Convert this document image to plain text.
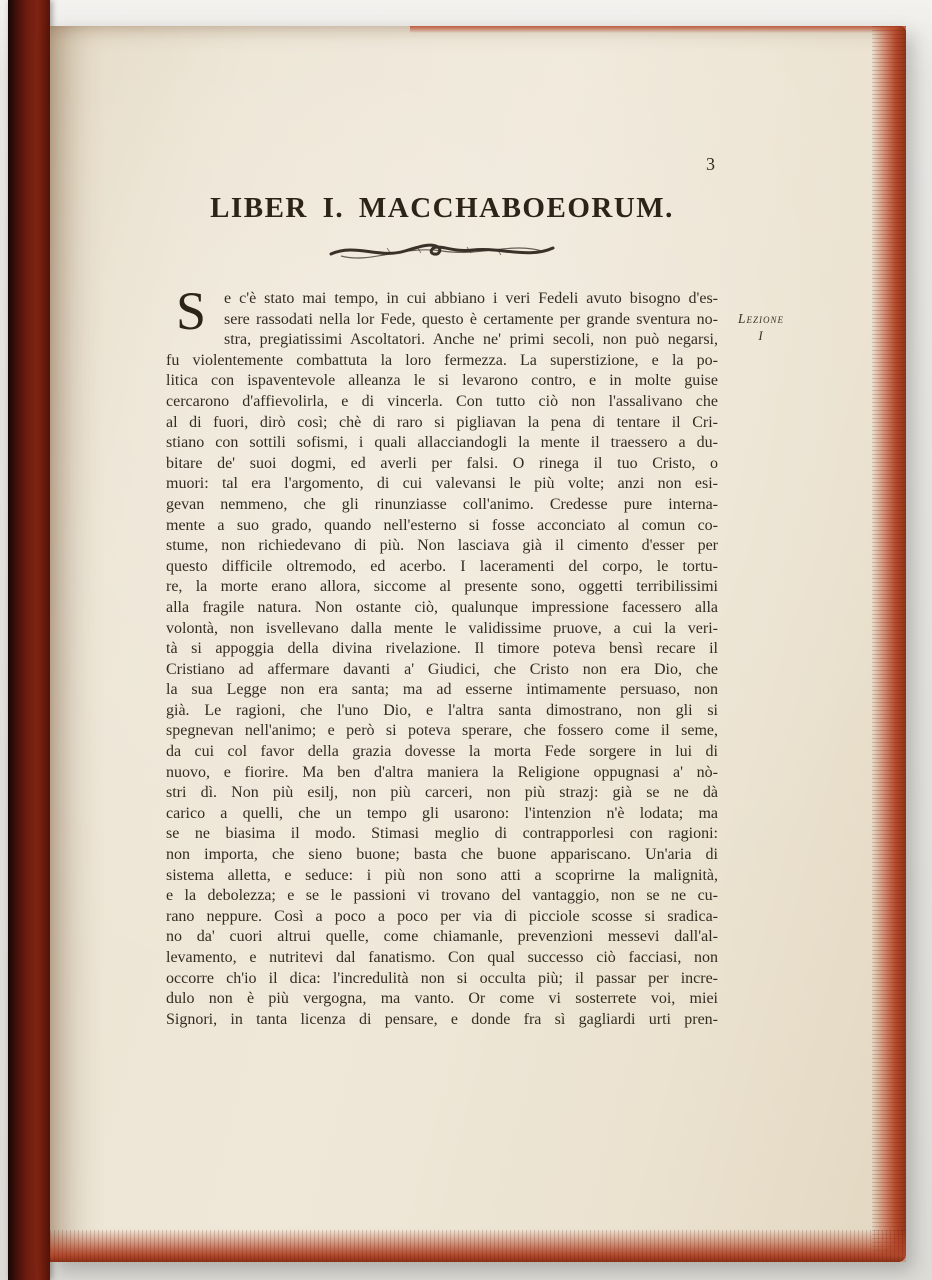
3
LIBER I. MACCHABOEORUM.
S	e c'è stato mai tempo, in cui abbiano i veri Fedeli avuto bisogno d'es-
sere rassodati nella lor Fede, questo è certamente per grande sventura no-
stra, pregiatissimi Ascoltatori. Anche ne' primi secoli, non può negarsi,
fu violentemente combattuta la loro fermezza. La superstizione, e la po-
litica con ispaventevole alleanza le si levarono contro, e in molte guise
cercarono d'affievolirla, e di vincerla. Con tutto ciò non l'assalivano che
al di fuori, dirò così; chè di raro si pigliavan la pena di tentare il Cri-
stiano con sottili sofismi, i quali allacciandogli la mente il traessero a du-
bitare de' suoi dogmi, ed averli per falsi. O rinega il tuo Cristo, o
muori: tal era l'argomento, di cui valevansi le più volte; anzi non esi-
gevan nemmeno, che gli rinunziasse coll'animo. Credesse pure interna-
mente a suo grado, quando nell'esterno si fosse acconciato al comun co-
stume, non richiedevano di più. Non lasciava già il cimento d'esser per
questo difficile oltremodo, ed acerbo. I laceramenti del corpo, le tortu-
re, la morte erano allora, siccome al presente sono, oggetti terribilissimi
alla fragile natura. Non ostante ciò, qualunque impressione facessero alla
volontà, non isvellevano dalla mente le validissime pruove, a cui la veri-
tà si appoggia della divina rivelazione. Il timore poteva bensì recare il
Cristiano ad affermare davanti a' Giudici, che Cristo non era Dio, che
la sua Legge non era santa; ma ad esserne intimamente persuaso, non
già. Le ragioni, che l'uno Dio, e l'altra santa dimostrano, non gli si
spegnevan nell'animo; e però si poteva sperare, che fossero come il seme,
da cui col favor della grazia dovesse la morta Fede sorgere in lui di
nuovo, e fiorire. Ma ben d'altra maniera la Religione oppugnasi a' nò-
stri dì. Non più esilj, non più carceri, non più strazj: già se ne dà
carico a quelli, che un tempo gli usarono: l'intenzion n'è lodata; ma
se ne biasima il modo. Stimasi meglio di contrapporlesi con ragioni:
non importa, che sieno buone; basta che buone appariscano. Un'aria di
sistema alletta, e seduce: i più non sono atti a scoprirne la malignità,
e la debolezza; e se le passioni vi trovano del vantaggio, non se ne cu-
rano neppure. Così a poco a poco per via di picciole scosse si sradica-
no da' cuori altrui quelle, come chiamanle, prevenzioni messevi dall'al-
levamento, e nutritevi dal fanatismo. Con qual successo ciò facciasi, non
occorre ch'io il dica: l'incredulità non si occulta più; il passar per incre-
dulo non è più vergogna, ma vanto. Or come vi sosterrete voi, miei
Signori, in tanta licenza di pensare, e donde fra sì gagliardi urti pren-
Lezione
I
